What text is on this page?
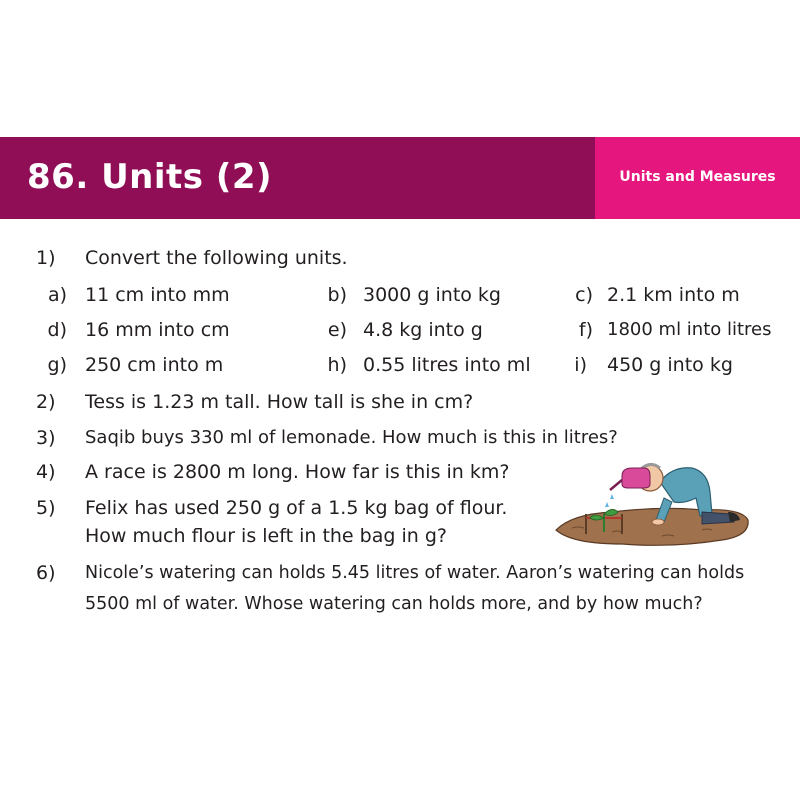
86. Units (2)	Units and Measures
1) Convert the following units.
a) 11 cm into mm	b) 3000 g into kg	c) 2.1 km into m
d) 16 mm into cm	e) 4.8 kg into g	f) 1800 ml into litres
g) 250 cm into m	h) 0.55 litres into ml	i) 450 g into kg
2) Tess is 1.23 m tall. How tall is she in cm?
3) Saqib buys 330 ml of lemonade. How much is this in litres?
4) A race is 2800 m long. How far is this in km?
5) Felix has used 250 g of a 1.5 kg bag of flour.
How much flour is left in the bag in g?
6) Nicole’s watering can holds 5.45 litres of water. Aaron’s watering can holds
5500 ml of water. Whose watering can holds more, and by how much?
